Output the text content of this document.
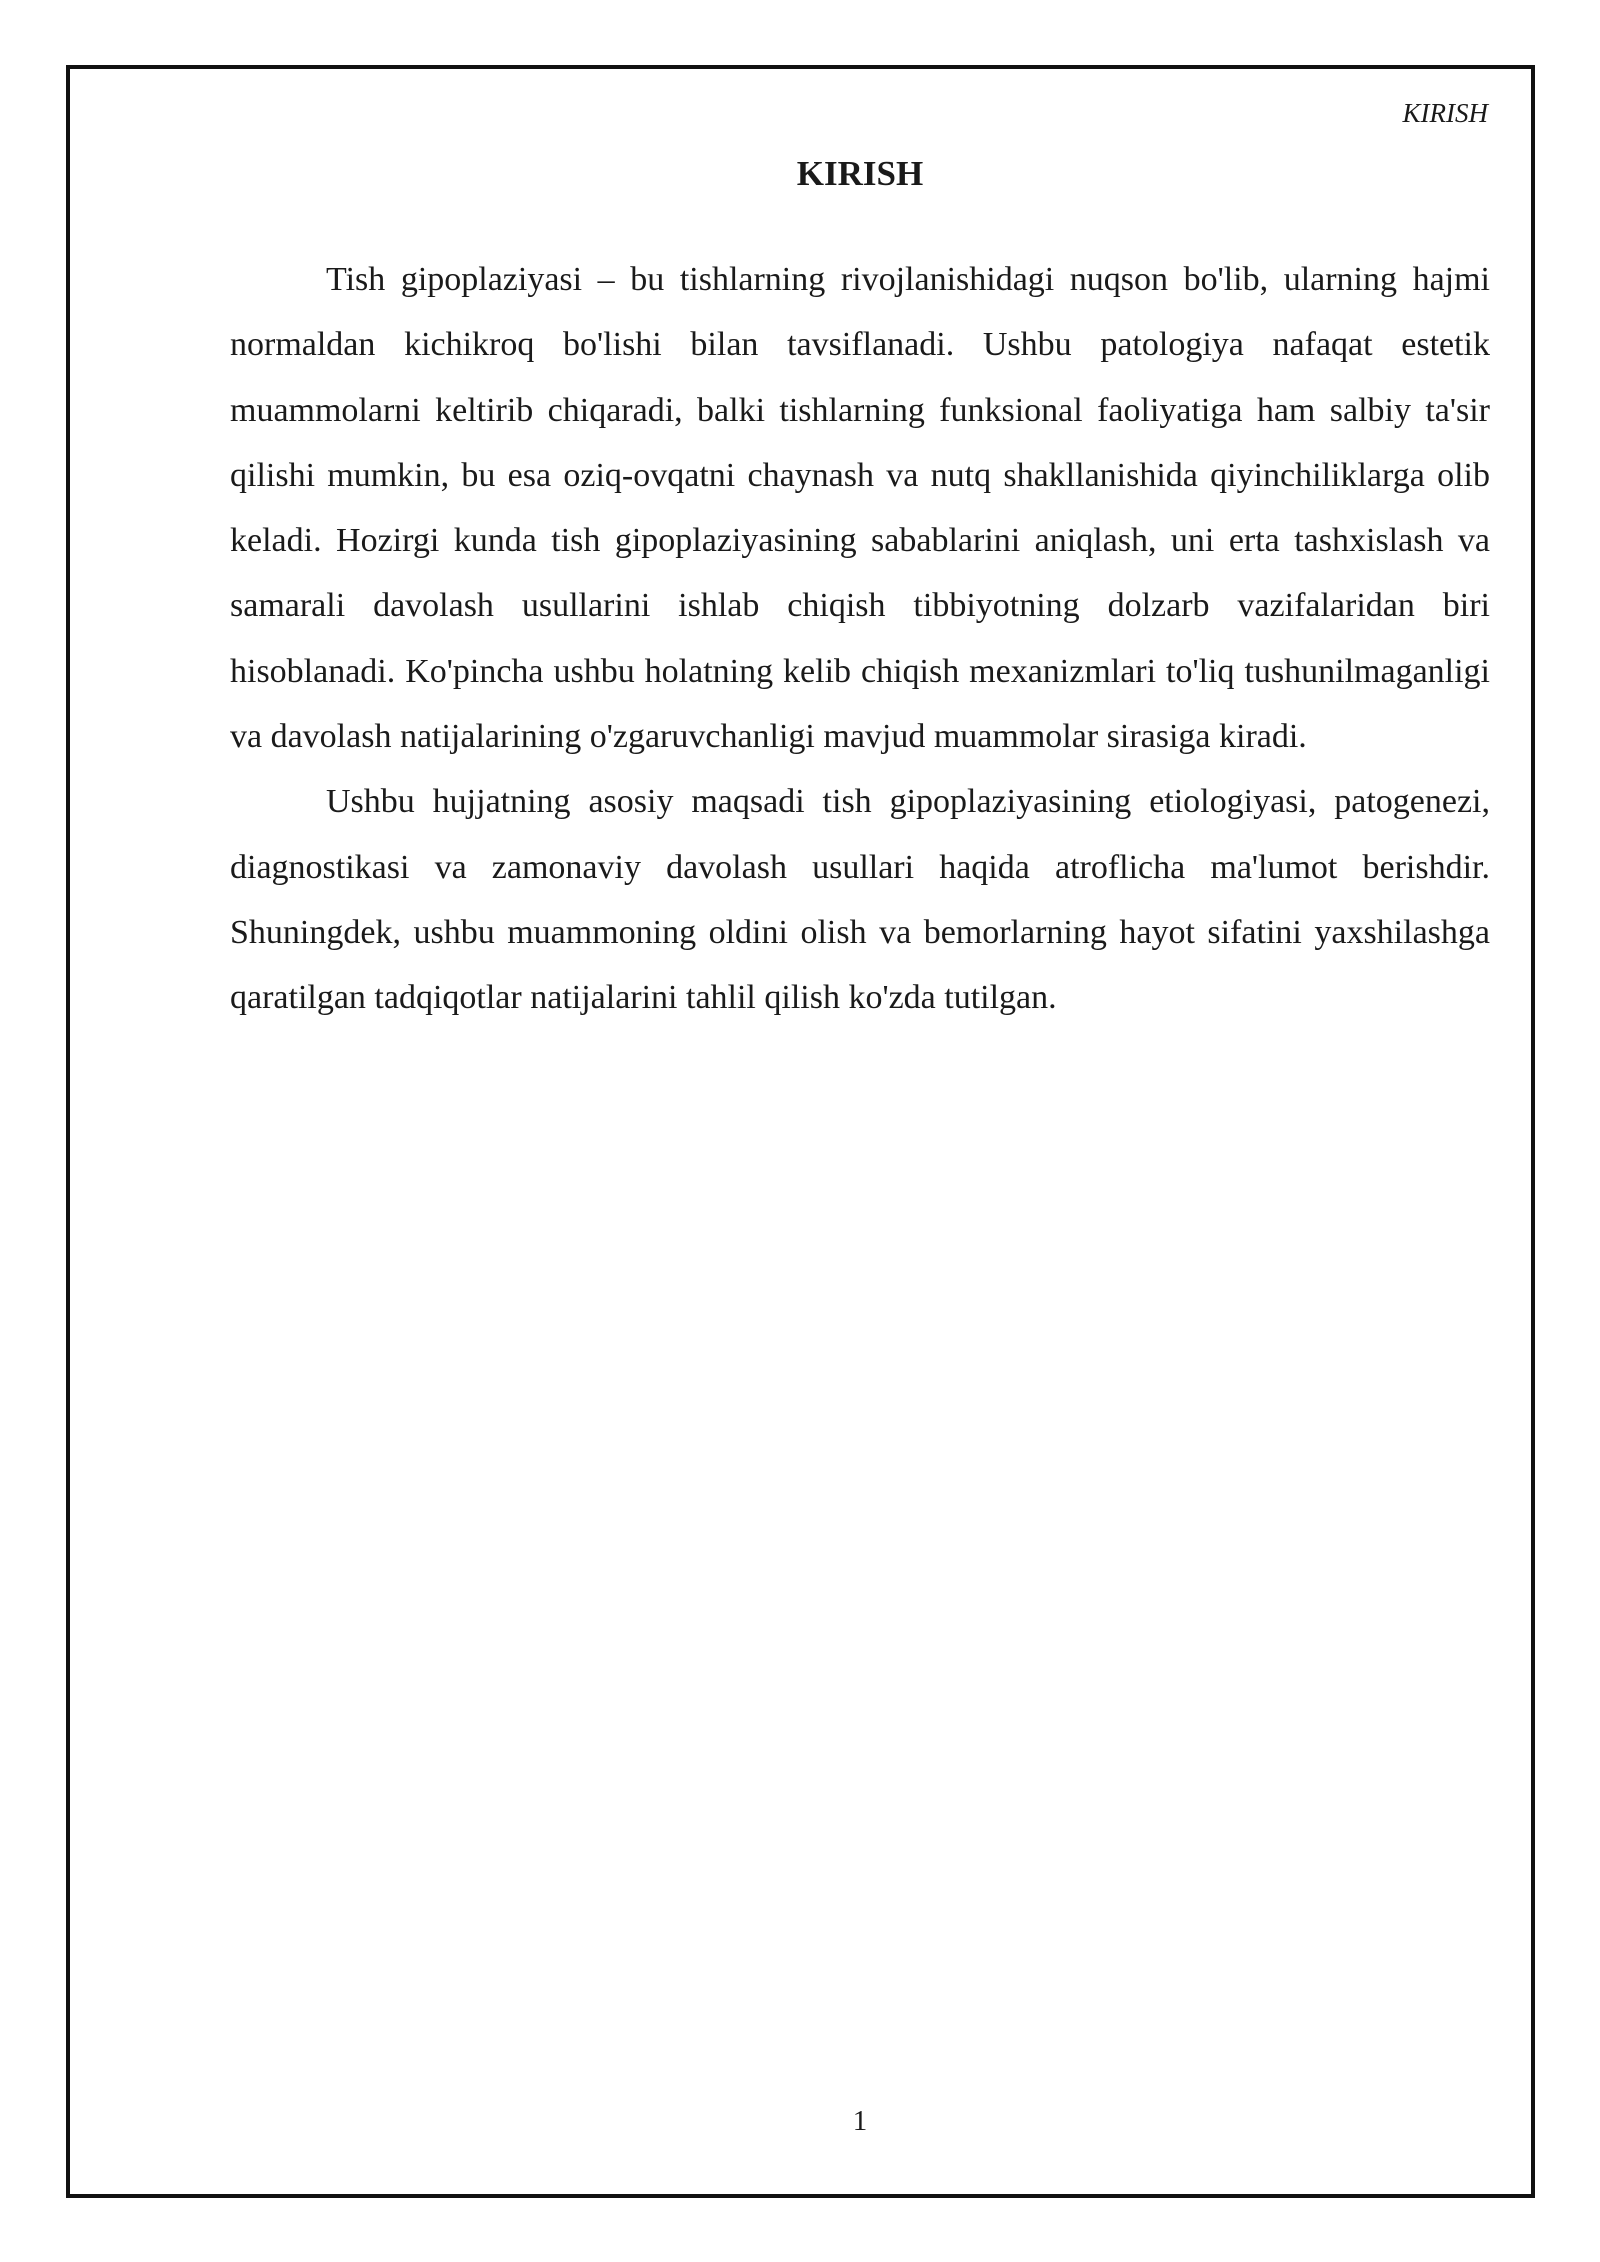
KIRISH
KIRISH

Tish gipoplaziyasi – bu tishlarning rivojlanishidagi nuqson bo'lib, ularning hajmi normaldan kichikroq bo'lishi bilan tavsiflanadi. Ushbu patologiya nafaqat estetik muammolarni keltirib chiqaradi, balki tishlarning funksional faoliyatiga ham salbiy ta'sir qilishi mumkin, bu esa oziq-ovqatni chaynash va nutq shakllanishida qiyinchiliklarga olib keladi. Hozirgi kunda tish gipoplaziyasining sabablarini aniqlash, uni erta tashxislash va samarali davolash usullarini ishlab chiqish tibbiyotning dolzarb vazifalaridan biri hisoblanadi. Ko'pincha ushbu holatning kelib chiqish mexanizmlari to'liq tushunilmaganligi va davolash natijalarining o'zgaruvchanligi mavjud muammolar sirasiga kiradi.

Ushbu hujjatning asosiy maqsadi tish gipoplaziyasining etiologiyasi, patogenezi, diagnostikasi va zamonaviy davolash usullari haqida atroflicha ma'lumot berishdir. Shuningdek, ushbu muammoning oldini olish va bemorlarning hayot sifatini yaxshilashga qaratilgan tadqiqotlar natijalarini tahlil qilish ko'zda tutilgan.

1
